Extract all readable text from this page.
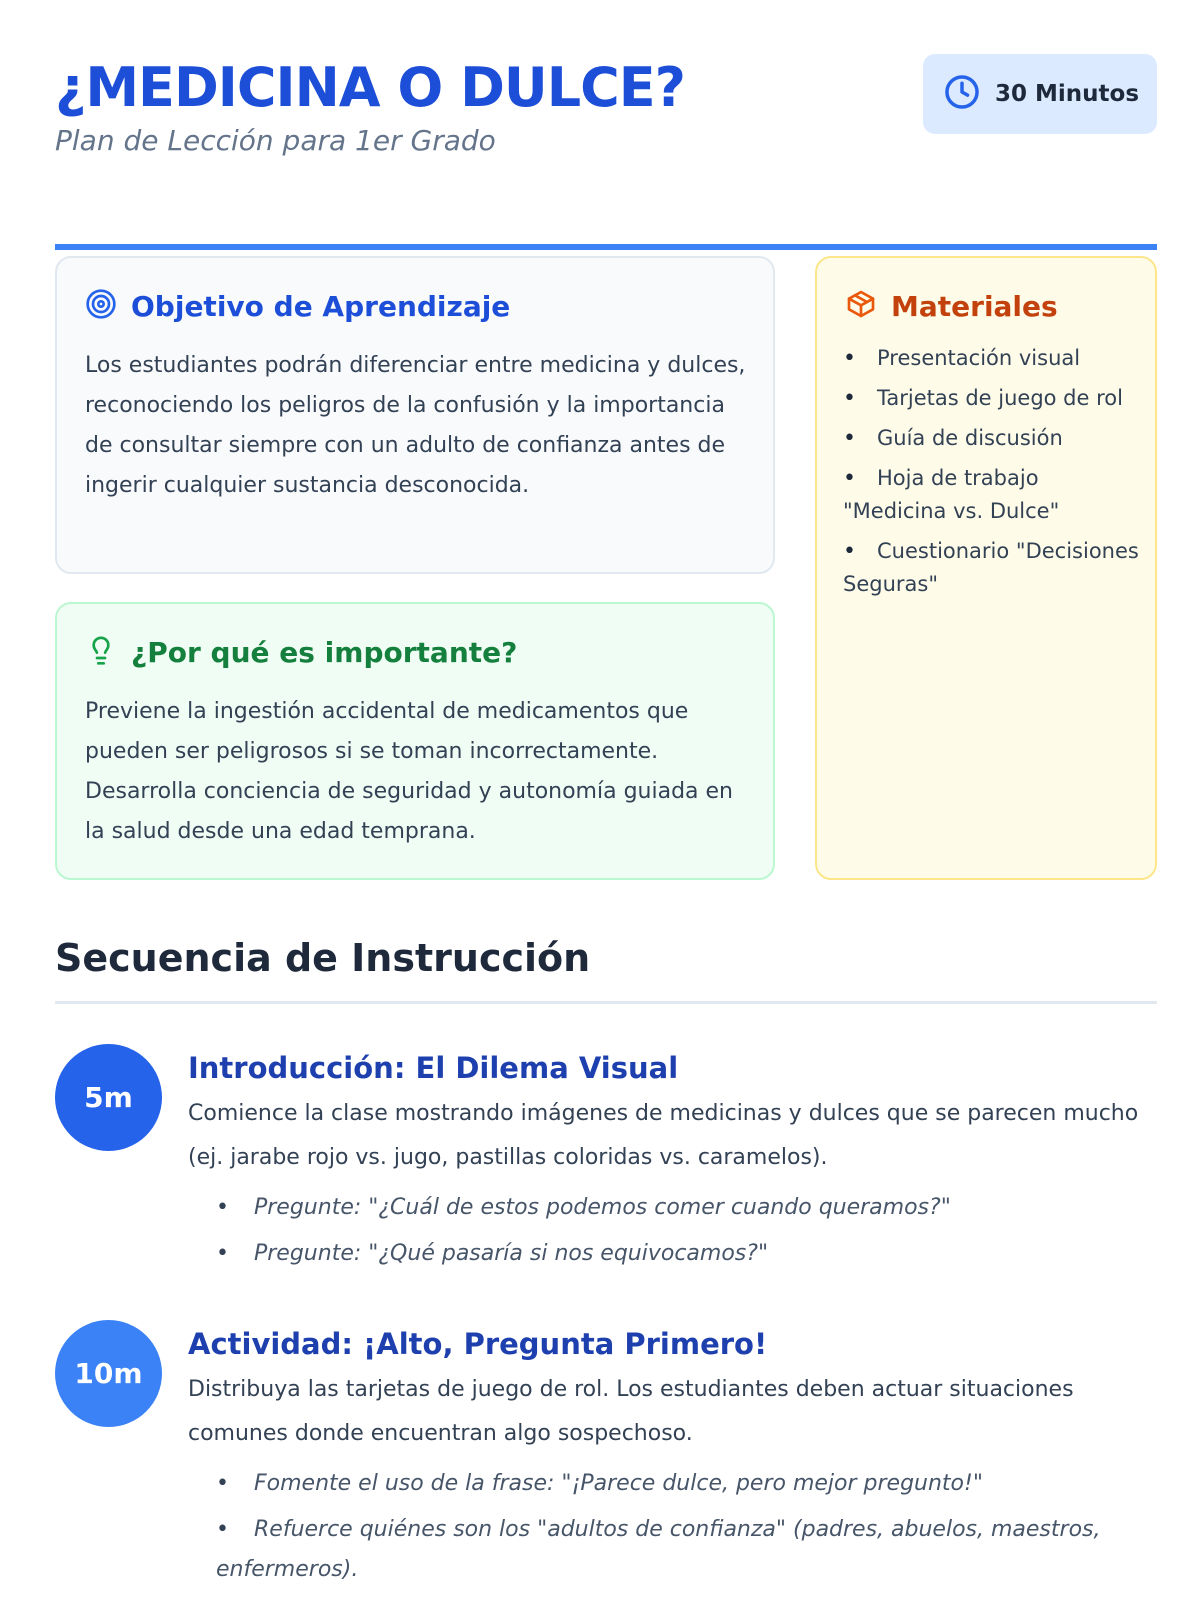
¿MEDICINA O DULCE?
Plan de Lección para 1er Grado
30 Minutos
Objetivo de Aprendizaje

Los estudiantes podrán diferenciar entre medicina y dulces, reconociendo los peligros de la confusión y la importancia de consultar siempre con un adulto de confianza antes de ingerir cualquier sustancia desconocida.

¿Por qué es importante?

Previene la ingestión accidental de medicamentos que pueden ser peligrosos si se toman incorrectamente. Desarrolla conciencia de seguridad y autonomía guiada en la salud desde una edad temprana.

Materiales
•Presentación visual
•Tarjetas de juego de rol
•Guía de discusión
•Hoja de trabajo "Medicina vs. Dulce"
•Cuestionario "Decisiones Seguras"
Secuencia de Instrucción
5m
Introducción: El Dilema Visual

Comience la clase mostrando imágenes de medicinas y dulces que se parecen mucho (ej. jarabe rojo vs. jugo, pastillas coloridas vs. caramelos).

•Pregunte: "¿Cuál de estos podemos comer cuando queramos?"
•Pregunte: "¿Qué pasaría si nos equivocamos?"
10m
Actividad: ¡Alto, Pregunta Primero!

Distribuya las tarjetas de juego de rol. Los estudiantes deben actuar situaciones comunes donde encuentran algo sospechoso.

•Fomente el uso de la frase: "¡Parece dulce, pero mejor pregunto!"
•Refuerce quiénes son los "adultos de confianza" (padres, abuelos, maestros, enfermeros).
